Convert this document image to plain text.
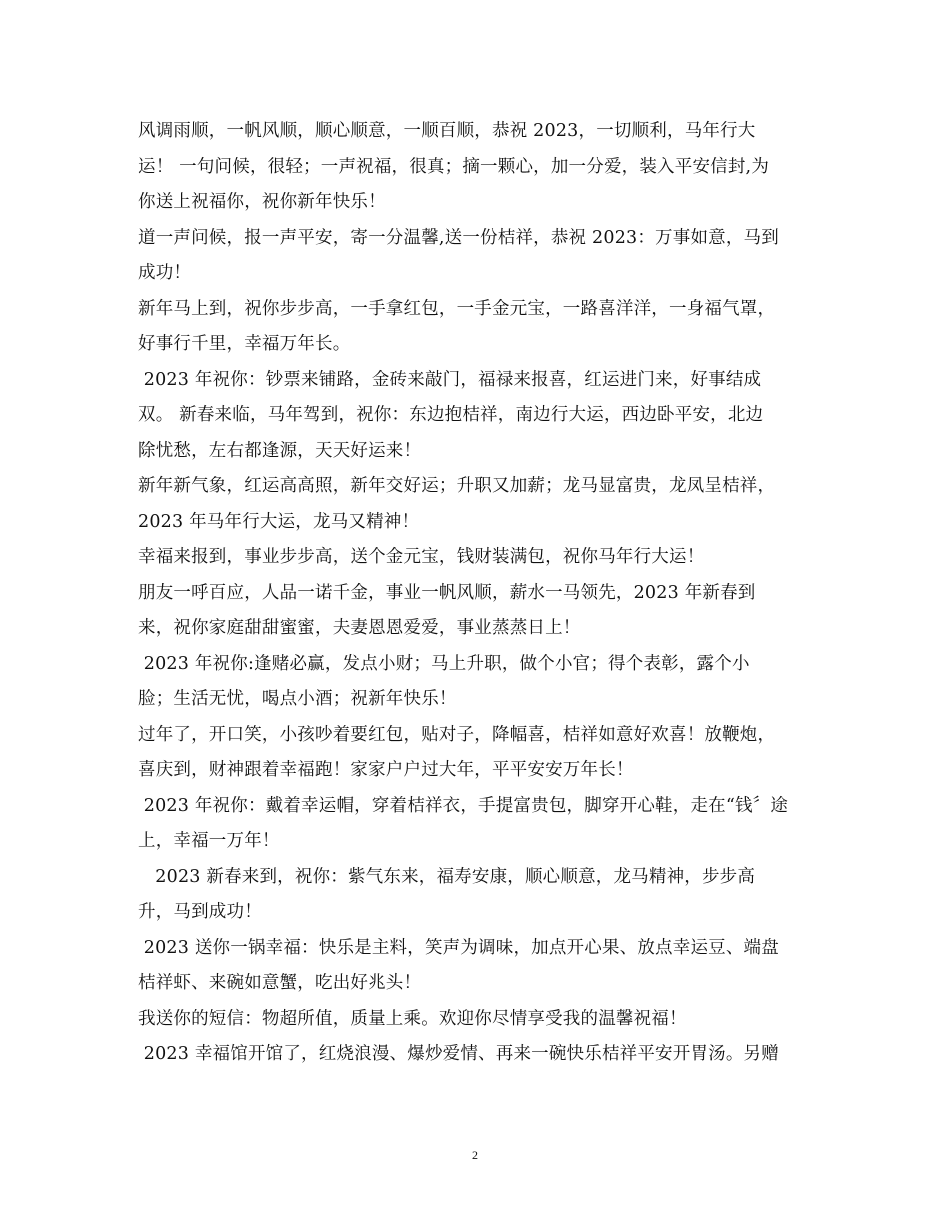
风调雨顺，一帆风顺，顺心顺意，一顺百顺，恭祝 2023，一切顺利，马年行大
运！ 一句问候，很轻；一声祝福，很真；摘一颗心，加一分爱，装入平安信封,为
你送上祝福你，祝你新年快乐！
道一声问候，报一声平安，寄一分温馨,送一份桔祥，恭祝 2023：万事如意，马到
成功！
新年马上到，祝你步步高，一手拿红包，一手金元宝，一路喜洋洋，一身福气罩，
好事行千里，幸福万年长。
2023 年祝你：钞票来铺路，金砖来敲门，福禄来报喜，红运进门来，好事结成
双。 新春来临，马年驾到，祝你：东边抱桔祥，南边行大运，西边卧平安，北边
除忧愁，左右都逢源，天天好运来！
新年新气象，红运高高照，新年交好运；升职又加薪；龙马显富贵，龙凤呈桔祥，
2023 年马年行大运，龙马又精神！
幸福来报到，事业步步高，送个金元宝，钱财装满包，祝你马年行大运！
朋友一呼百应，人品一诺千金，事业一帆风顺，薪水一马领先，2023 年新春到
来，祝你家庭甜甜蜜蜜，夫妻恩恩爱爱，事业蒸蒸日上！
2023 年祝你:逢赌必赢，发点小财；马上升职，做个小官；得个表彰，露个小
脸；生活无忧，喝点小酒；祝新年快乐！
过年了，开口笑，小孩吵着要红包，贴对子，降幅喜，桔祥如意好欢喜！放鞭炮，
喜庆到，财神跟着幸福跑！家家户户过大年，平平安安万年长！
2023 年祝你：戴着幸运帽，穿着桔祥衣，手提富贵包，脚穿开心鞋，走在“钱〞途
上，幸福一万年！
2023 新春来到，祝你：紫气东来，福寿安康，顺心顺意，龙马精神，步步高
升，马到成功！
2023 送你一锅幸福：快乐是主料，笑声为调味，加点开心果、放点幸运豆、端盘
桔祥虾、来碗如意蟹，吃出好兆头！
我送你的短信：物超所值，质量上乘。欢迎你尽情享受我的温馨祝福！
2023 幸福馆开馆了，红烧浪漫、爆炒爱情、再来一碗快乐桔祥平安开胃汤。另赠
2
